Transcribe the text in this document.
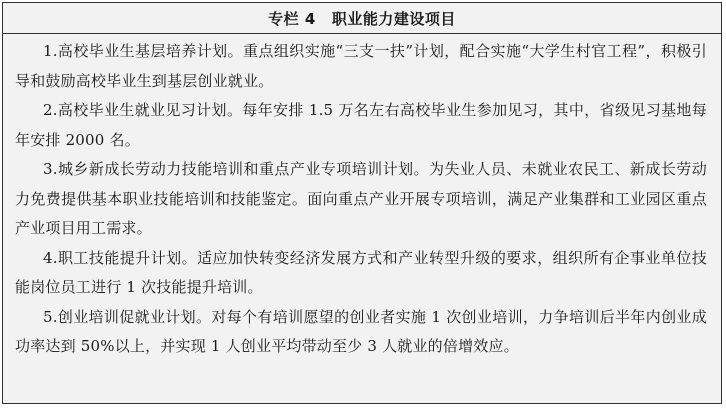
专栏 4 职业能力建设项目

1.高校毕业生基层培养计划。重点组织实施“三支一扶”计划，配合实施“大学生村官工程”，积极引导和鼓励高校毕业生到基层创业就业。

2.高校毕业生就业见习计划。每年安排 1.5 万名左右高校毕业生参加见习，其中，省级见习基地每年安排 2000 名。

3.城乡新成长劳动力技能培训和重点产业专项培训计划。为失业人员、未就业农民工、新成长劳动力免费提供基本职业技能培训和技能鉴定。面向重点产业开展专项培训，满足产业集群和工业园区重点产业项目用工需求。

4.职工技能提升计划。适应加快转变经济发展方式和产业转型升级的要求，组织所有企事业单位技能岗位员工进行 1 次技能提升培训。

5.创业培训促就业计划。对每个有培训愿望的创业者实施 1 次创业培训，力争培训后半年内创业成功率达到 50%以上，并实现 1 人创业平均带动至少 3 人就业的倍增效应。
